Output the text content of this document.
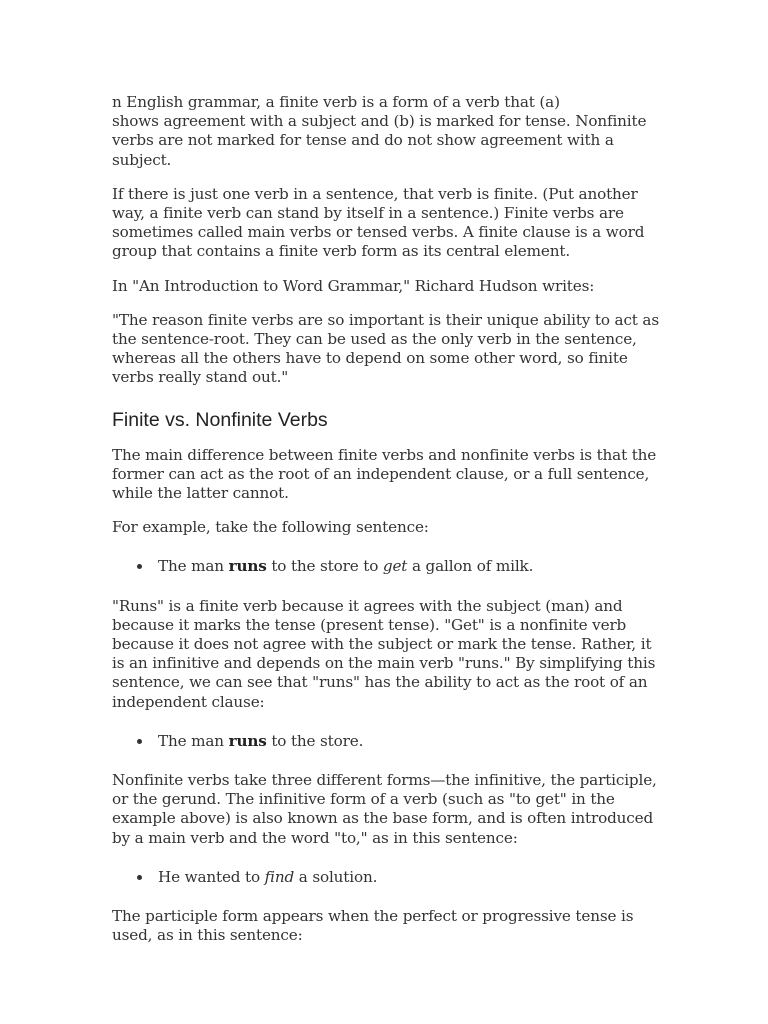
n English grammar, a finite verb is a form of a verb that (a)
shows agreement with a subject and (b) is marked for tense. Nonfinite verbs are not marked for tense and do not show agreement with a subject.

If there is just one verb in a sentence, that verb is finite. (Put another way, a finite verb can stand by itself in a sentence.) Finite verbs are sometimes called main verbs or tensed verbs. A finite clause is a word group that contains a finite verb form as its central element.

In "An Introduction to Word Grammar," Richard Hudson writes:

"The reason finite verbs are so important is their unique ability to act as the sentence-root. They can be used as the only verb in the sentence, whereas all the others have to depend on some other word, so finite verbs really stand out."

Finite vs. Nonfinite Verbs

The main difference between finite verbs and nonfinite verbs is that the former can act as the root of an independent clause, or a full sentence, while the latter cannot.

For example, take the following sentence:

The man runs to the store to get a gallon of milk.

"Runs" is a finite verb because it agrees with the subject (man) and because it marks the tense (present tense). "Get" is a nonfinite verb because it does not agree with the subject or mark the tense. Rather, it is an infinitive and depends on the main verb "runs." By simplifying this sentence, we can see that "runs" has the ability to act as the root of an independent clause:

The man runs to the store.

Nonfinite verbs take three different forms—the infinitive, the participle, or the gerund. The infinitive form of a verb (such as "to get" in the example above) is also known as the base form, and is often introduced by a main verb and the word "to," as in this sentence:

He wanted to find a solution.

The participle form appears when the perfect or progressive tense is used, as in this sentence:
